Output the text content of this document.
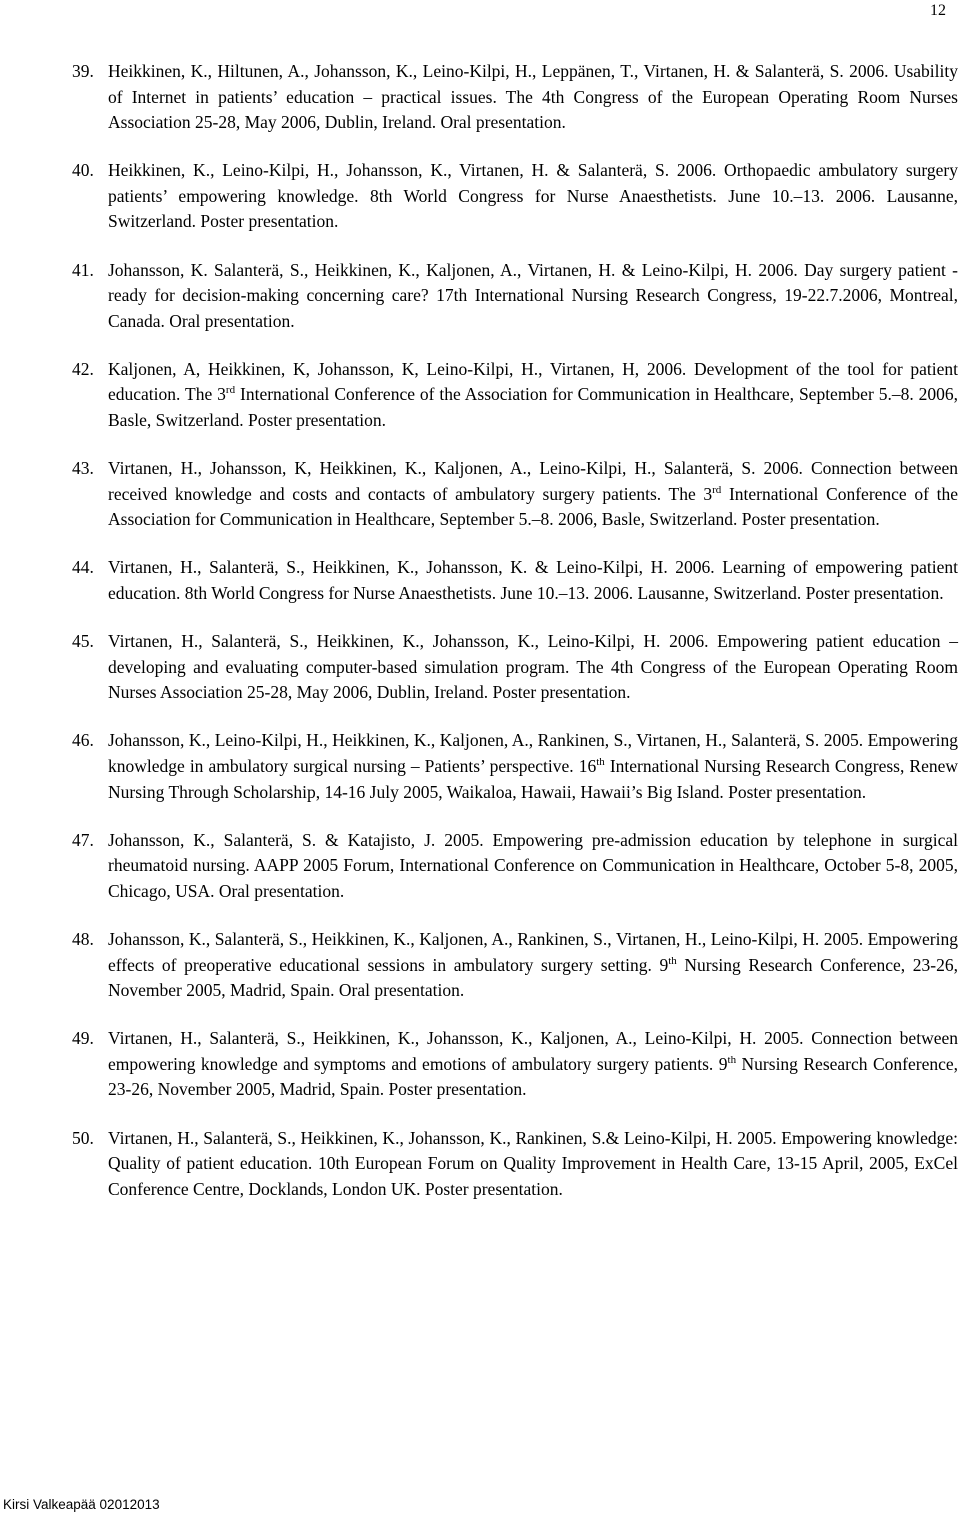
12
39. Heikkinen, K., Hiltunen, A., Johansson, K., Leino-Kilpi, H., Leppänen, T., Virtanen, H. & Salanterä, S. 2006. Usability of Internet in patients’ education – practical issues. The 4th Congress of the European Operating Room Nurses Association 25-28, May 2006, Dublin, Ireland. Oral presentation.
40. Heikkinen, K., Leino-Kilpi, H., Johansson, K., Virtanen, H. & Salanterä, S. 2006. Orthopaedic ambulatory surgery patients’ empowering knowledge. 8th World Congress for Nurse Anaesthetists. June 10.–13. 2006. Lausanne, Switzerland. Poster presentation.
41. Johansson, K. Salanterä, S., Heikkinen, K., Kaljonen, A., Virtanen, H. & Leino-Kilpi, H. 2006. Day surgery patient - ready for decision-making concerning care? 17th International Nursing Research Congress, 19-22.7.2006, Montreal, Canada. Oral presentation.
42. Kaljonen, A, Heikkinen, K, Johansson, K, Leino-Kilpi, H., Virtanen, H, 2006. Development of the tool for patient education. The 3rd International Conference of the Association for Communication in Healthcare, September 5.–8. 2006, Basle, Switzerland. Poster presentation.
43. Virtanen, H., Johansson, K, Heikkinen, K., Kaljonen, A., Leino-Kilpi, H., Salanterä, S. 2006. Connection between received knowledge and costs and contacts of ambulatory surgery patients. The 3rd International Conference of the Association for Communication in Healthcare, September 5.–8. 2006, Basle, Switzerland. Poster presentation.
44. Virtanen, H., Salanterä, S., Heikkinen, K., Johansson, K. & Leino-Kilpi, H. 2006. Learning of empowering patient education. 8th World Congress for Nurse Anaesthetists. June 10.–13. 2006. Lausanne, Switzerland. Poster presentation.
45. Virtanen, H., Salanterä, S., Heikkinen, K., Johansson, K., Leino-Kilpi, H. 2006. Empowering patient education – developing and evaluating computer-based simulation program. The 4th Congress of the European Operating Room Nurses Association 25-28, May 2006, Dublin, Ireland. Poster presentation.
46. Johansson, K., Leino-Kilpi, H., Heikkinen, K., Kaljonen, A., Rankinen, S., Virtanen, H., Salanterä, S. 2005. Empowering knowledge in ambulatory surgical nursing – Patients’ perspective. 16th International Nursing Research Congress, Renew Nursing Through Scholarship, 14-16 July 2005, Waikaloa, Hawaii, Hawaii’s Big Island. Poster presentation.
47. Johansson, K., Salanterä, S. & Katajisto, J. 2005. Empowering pre-admission education by telephone in surgical rheumatoid nursing. AAPP 2005 Forum, International Conference on Communication in Healthcare, October 5-8, 2005, Chicago, USA. Oral presentation.
48. Johansson, K., Salanterä, S., Heikkinen, K., Kaljonen, A., Rankinen, S., Virtanen, H., Leino-Kilpi, H. 2005. Empowering effects of preoperative educational sessions in ambulatory surgery setting. 9th Nursing Research Conference, 23-26, November 2005, Madrid, Spain. Oral presentation.
49. Virtanen, H., Salanterä, S., Heikkinen, K., Johansson, K., Kaljonen, A., Leino-Kilpi, H. 2005. Connection between empowering knowledge and symptoms and emotions of ambulatory surgery patients. 9th Nursing Research Conference, 23-26, November 2005, Madrid, Spain. Poster presentation.
50. Virtanen, H., Salanterä, S., Heikkinen, K., Johansson, K., Rankinen, S.& Leino-Kilpi, H. 2005. Empowering knowledge: Quality of patient education. 10th European Forum on Quality Improvement in Health Care, 13-15 April, 2005, ExCel Conference Centre, Docklands, London UK. Poster presentation.
Kirsi Valkeapää 02012013
